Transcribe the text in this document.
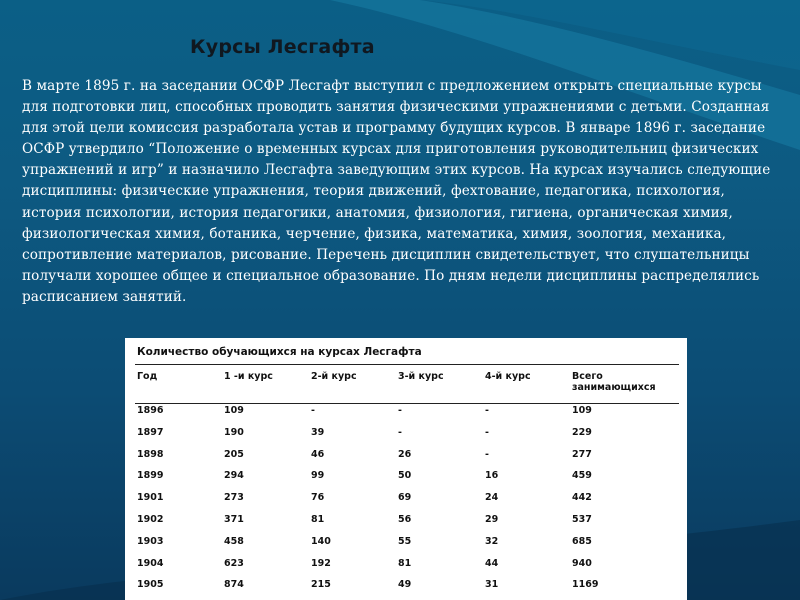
Курсы Лесгафта
В марте 1895 г. на заседании ОСФР Лесгафт выступил с предложением открыть специальные курсы для подготовки лиц, способных проводить занятия физическими упражнениями с детьми. Созданная для этой цели комиссия разработала устав и программу будущих курсов. В январе 1896 г. заседание ОСФР утвердило “Положение о временных курсах для приготовления руководительниц физических упражнений и игр” и назначило Лесгафта заведующим этих курсов. На курсах изучались следующие дисциплины: физические упражнения, теория движений, фехтование, педагогика, психология, история психологии, история педагогики, анатомия, физиология, гигиена, органическая химия, физиологическая химия, ботаника, черчение, физика, математика, химия, зоология, механика, сопротивление материалов, рисование. Перечень дисциплин свидетельствует, что слушательницы получали хорошее общее и специальное образование. По дням недели дисциплины распределялись расписанием занятий.
Количество обучающихся на курсах Лесгафта
Год	1 -и курс	2-й курс	3-й курс	4-й курс	Всего занимающихся
1896	109	-	-	-	109
1897	190	39	-	-	229
1898	205	46	26	-	277
1899	294	99	50	16	459
1901	273	76	69	24	442
1902	371	81	56	29	537
1903	458	140	55	32	685
1904	623	192	81	44	940
1905	874	215	49	31	1169
